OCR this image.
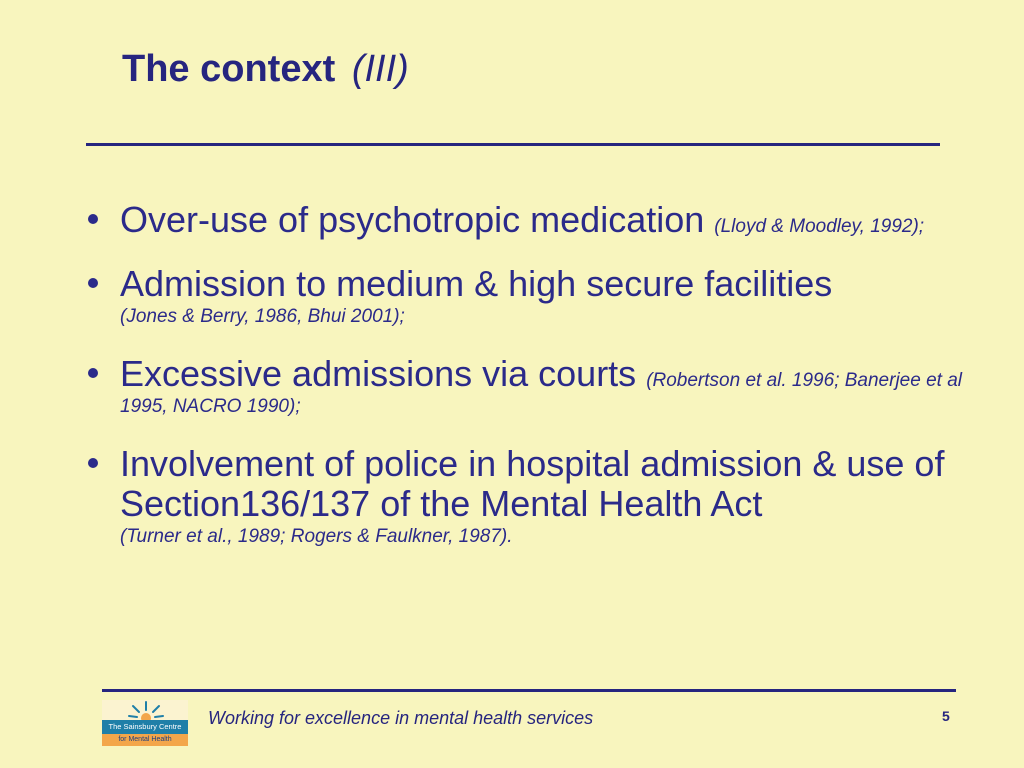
The context (III)
Over-use of psychotropic medication (Lloyd & Moodley, 1992);
Admission to medium & high secure facilities
(Jones & Berry, 1986, Bhui 2001);
Excessive admissions via courts (Robertson et al. 1996; Banerjee et al 1995, NACRO 1990);
Involvement of police in hospital admission & use of Section136/137 of the Mental Health Act
(Turner et al., 1989; Rogers & Faulkner, 1987).
The Sainsbury Centre
for Mental Health
Working for excellence in mental health services	5
